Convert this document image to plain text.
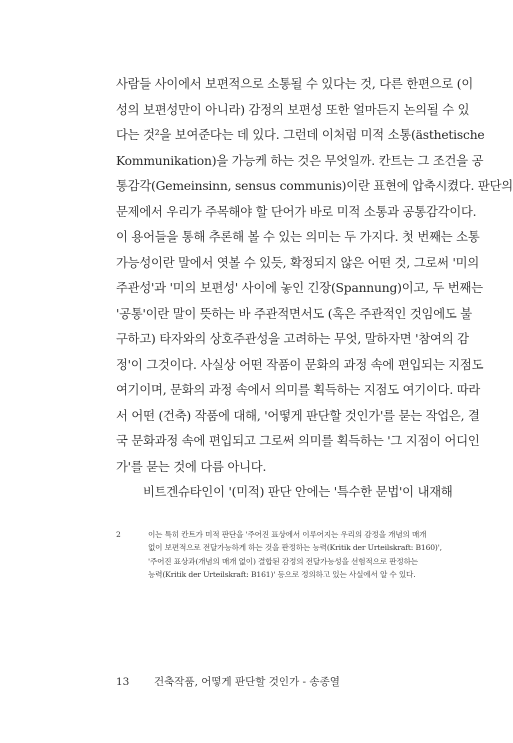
사람들 사이에서 보편적으로 소통될 수 있다는 것, 다른 한편으로 (이
성의 보편성만이 아니라) 감정의 보편성 또한 얼마든지 논의될 수 있
다는 것²을 보여준다는 데 있다. 그런데 이처럼 미적 소통(ästhetische
Kommunikation)을 가능케 하는 것은 무엇일까. 칸트는 그 조건을 공
통감각(Gemeinsinn, sensus communis)이란 표현에 압축시켰다. 판단의
문제에서 우리가 주목해야 할 단어가 바로 미적 소통과 공통감각이다.
이 용어들을 통해 추론해 볼 수 있는 의미는 두 가지다. 첫 번째는 소통
가능성이란 말에서 엿볼 수 있듯, 확정되지 않은 어떤 것, 그로써 '미의
주관성'과 '미의 보편성' 사이에 놓인 긴장(Spannung)이고, 두 번째는
'공통'이란 말이 뜻하는 바 주관적면서도 (혹은 주관적인 것임에도 불
구하고) 타자와의 상호주관성을 고려하는 무엇, 말하자면 '참여의 감
정'이 그것이다. 사실상 어떤 작품이 문화의 과정 속에 편입되는 지점도
여기이며, 문화의 과정 속에서 의미를 획득하는 지점도 여기이다. 따라
서 어떤 (건축) 작품에 대해, '어떻게 판단할 것인가'를 묻는 작업은, 결
국 문화과정 속에 편입되고 그로써 의미를 획득하는 '그 지점이 어디인
가'를 묻는 것에 다름 아니다.
비트겐슈타인이 '(미적) 판단 안에는 '특수한 문법'이 내재해
2	이는 특히 칸트가 미적 판단을 '주어진 표상에서 이루어지는 우리의 감정을 개념의 매개
없이 보편적으로 전달가능하게 하는 것을 판정하는 능력(Kritik der Urteilskraft: B160)',
'주어진 표상과(개념의 매개 없이) 결합된 감정의 전달가능성을 선험적으로 판정하는
능력(Kritik der Urteilskraft: B161)' 등으로 정의하고 있는 사실에서 알 수 있다.
13 건축작품, 어떻게 판단할 것인가 - 송종열
